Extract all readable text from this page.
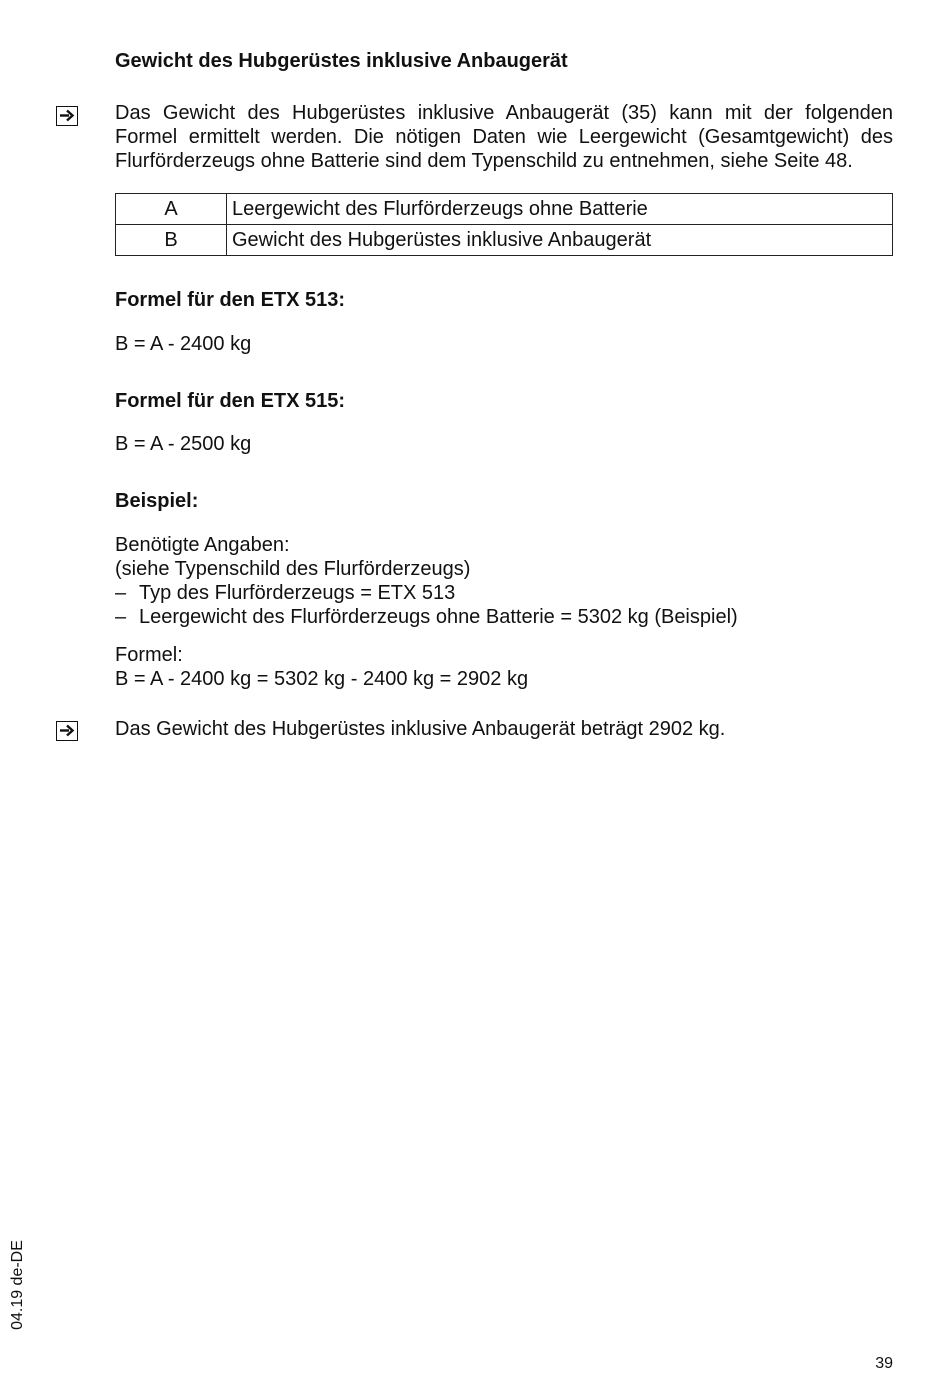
Gewicht des Hubgerüstes inklusive Anbaugerät
Das Gewicht des Hubgerüstes inklusive Anbaugerät (35) kann mit der folgenden Formel ermittelt werden. Die nötigen Daten wie Leergewicht (Gesamtgewicht) des Flurförderzeugs ohne Batterie sind dem Typenschild zu entnehmen, siehe Seite 48.
A	Leergewicht des Flurförderzeugs ohne Batterie
B	Gewicht des Hubgerüstes inklusive Anbaugerät
Formel für den ETX 513:
B = A - 2400 kg
Formel für den ETX 515:
B = A - 2500 kg
Beispiel:
Benötigte Angaben:
(siehe Typenschild des Flurförderzeugs)
– Typ des Flurförderzeugs = ETX 513
– Leergewicht des Flurförderzeugs ohne Batterie = 5302 kg (Beispiel)
Formel:
B = A - 2400 kg = 5302 kg - 2400 kg = 2902 kg
Das Gewicht des Hubgerüstes inklusive Anbaugerät beträgt 2902 kg.
04.19 de-DE
39
